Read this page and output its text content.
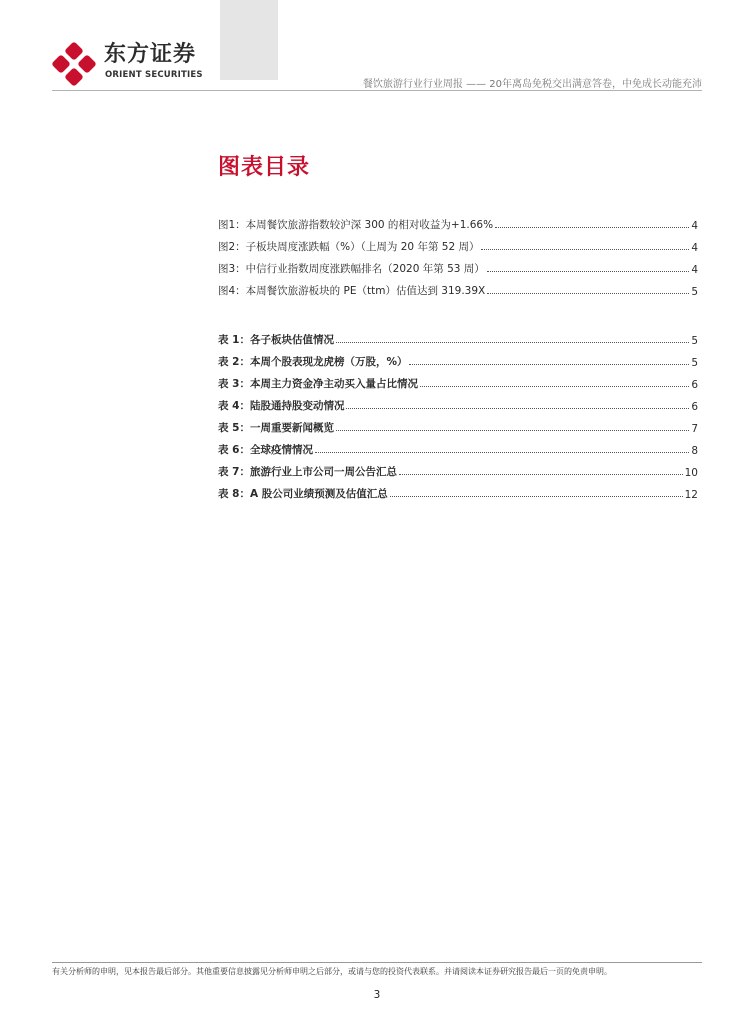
东方证券
ORIENT SECURITIES
餐饮旅游行业行业周报 —— 20年离岛免税交出满意答卷，中免成长动能充沛
图表目录
图1：本周餐饮旅游指数较沪深 300 的相对收益为+1.66%	4
图2：子板块周度涨跌幅（%）（上周为 20 年第 52 周）	4
图3：中信行业指数周度涨跌幅排名（2020 年第 53 周）	4
图4：本周餐饮旅游板块的 PE（ttm）估值达到 319.39X	5
表 1：各子板块估值情况	5
表 2：本周个股表现龙虎榜（万股，%）	5
表 3：本周主力资金净主动买入量占比情况	6
表 4：陆股通持股变动情况	6
表 5：一周重要新闻概览	7
表 6：全球疫情情况	8
表 7：旅游行业上市公司一周公告汇总	10
表 8：A 股公司业绩预测及估值汇总	12
有关分析师的申明，见本报告最后部分。其他重要信息披露见分析师申明之后部分，或请与您的投资代表联系。并请阅读本证券研究报告最后一页的免责申明。
3
